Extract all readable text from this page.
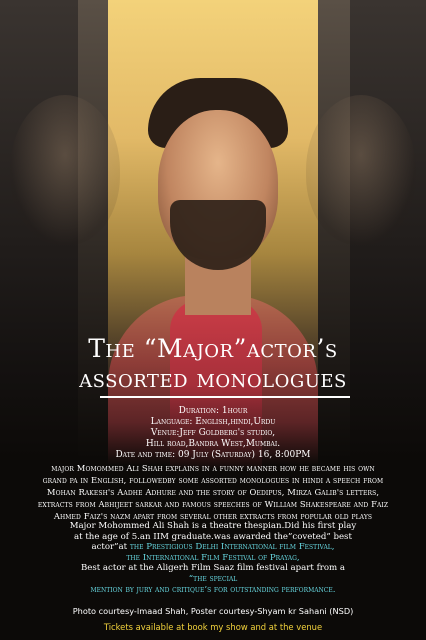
The “Major”actor’s
assorted monologues
Duration: 1hour
Language: English,hindi,Urdu
Venue:Jeff Goldberg's studio,
Hill road,Bandra West,Mumbai.
Date and time: 09 July (Saturday) 16, 8:00PM
major Momommed Ali Shah explains in a funny manner how he became his own
grand pa in English, followedby some assorted monologues in hindi a speech from
Mohan Rakesh's Aadhe Adhure and the story of Oedipus, Mirza Galib's letters,
extracts from Abhijeet sarkar and famous speeches of William Shakespeare and Faiz
Ahmed Faiz's nazm apart from several other extracts from popular old plays
Major Mohommed Ali Shah is a theatre thespian.Did his first play
at the age of 5.an IIM graduate.was awarded the”coveted” best
actor”at the Prestigious Delhi International film Festival,
the International Film Festival of Prayag,
Best actor at the Aligerh Film Saaz film festival apart from a
“the special
mention by jury and critique’s for outstanding performance.
Photo courtesy-Imaad Shah, Poster courtesy-Shyam kr Sahani (NSD)
Tickets available at book my show and at the venue
